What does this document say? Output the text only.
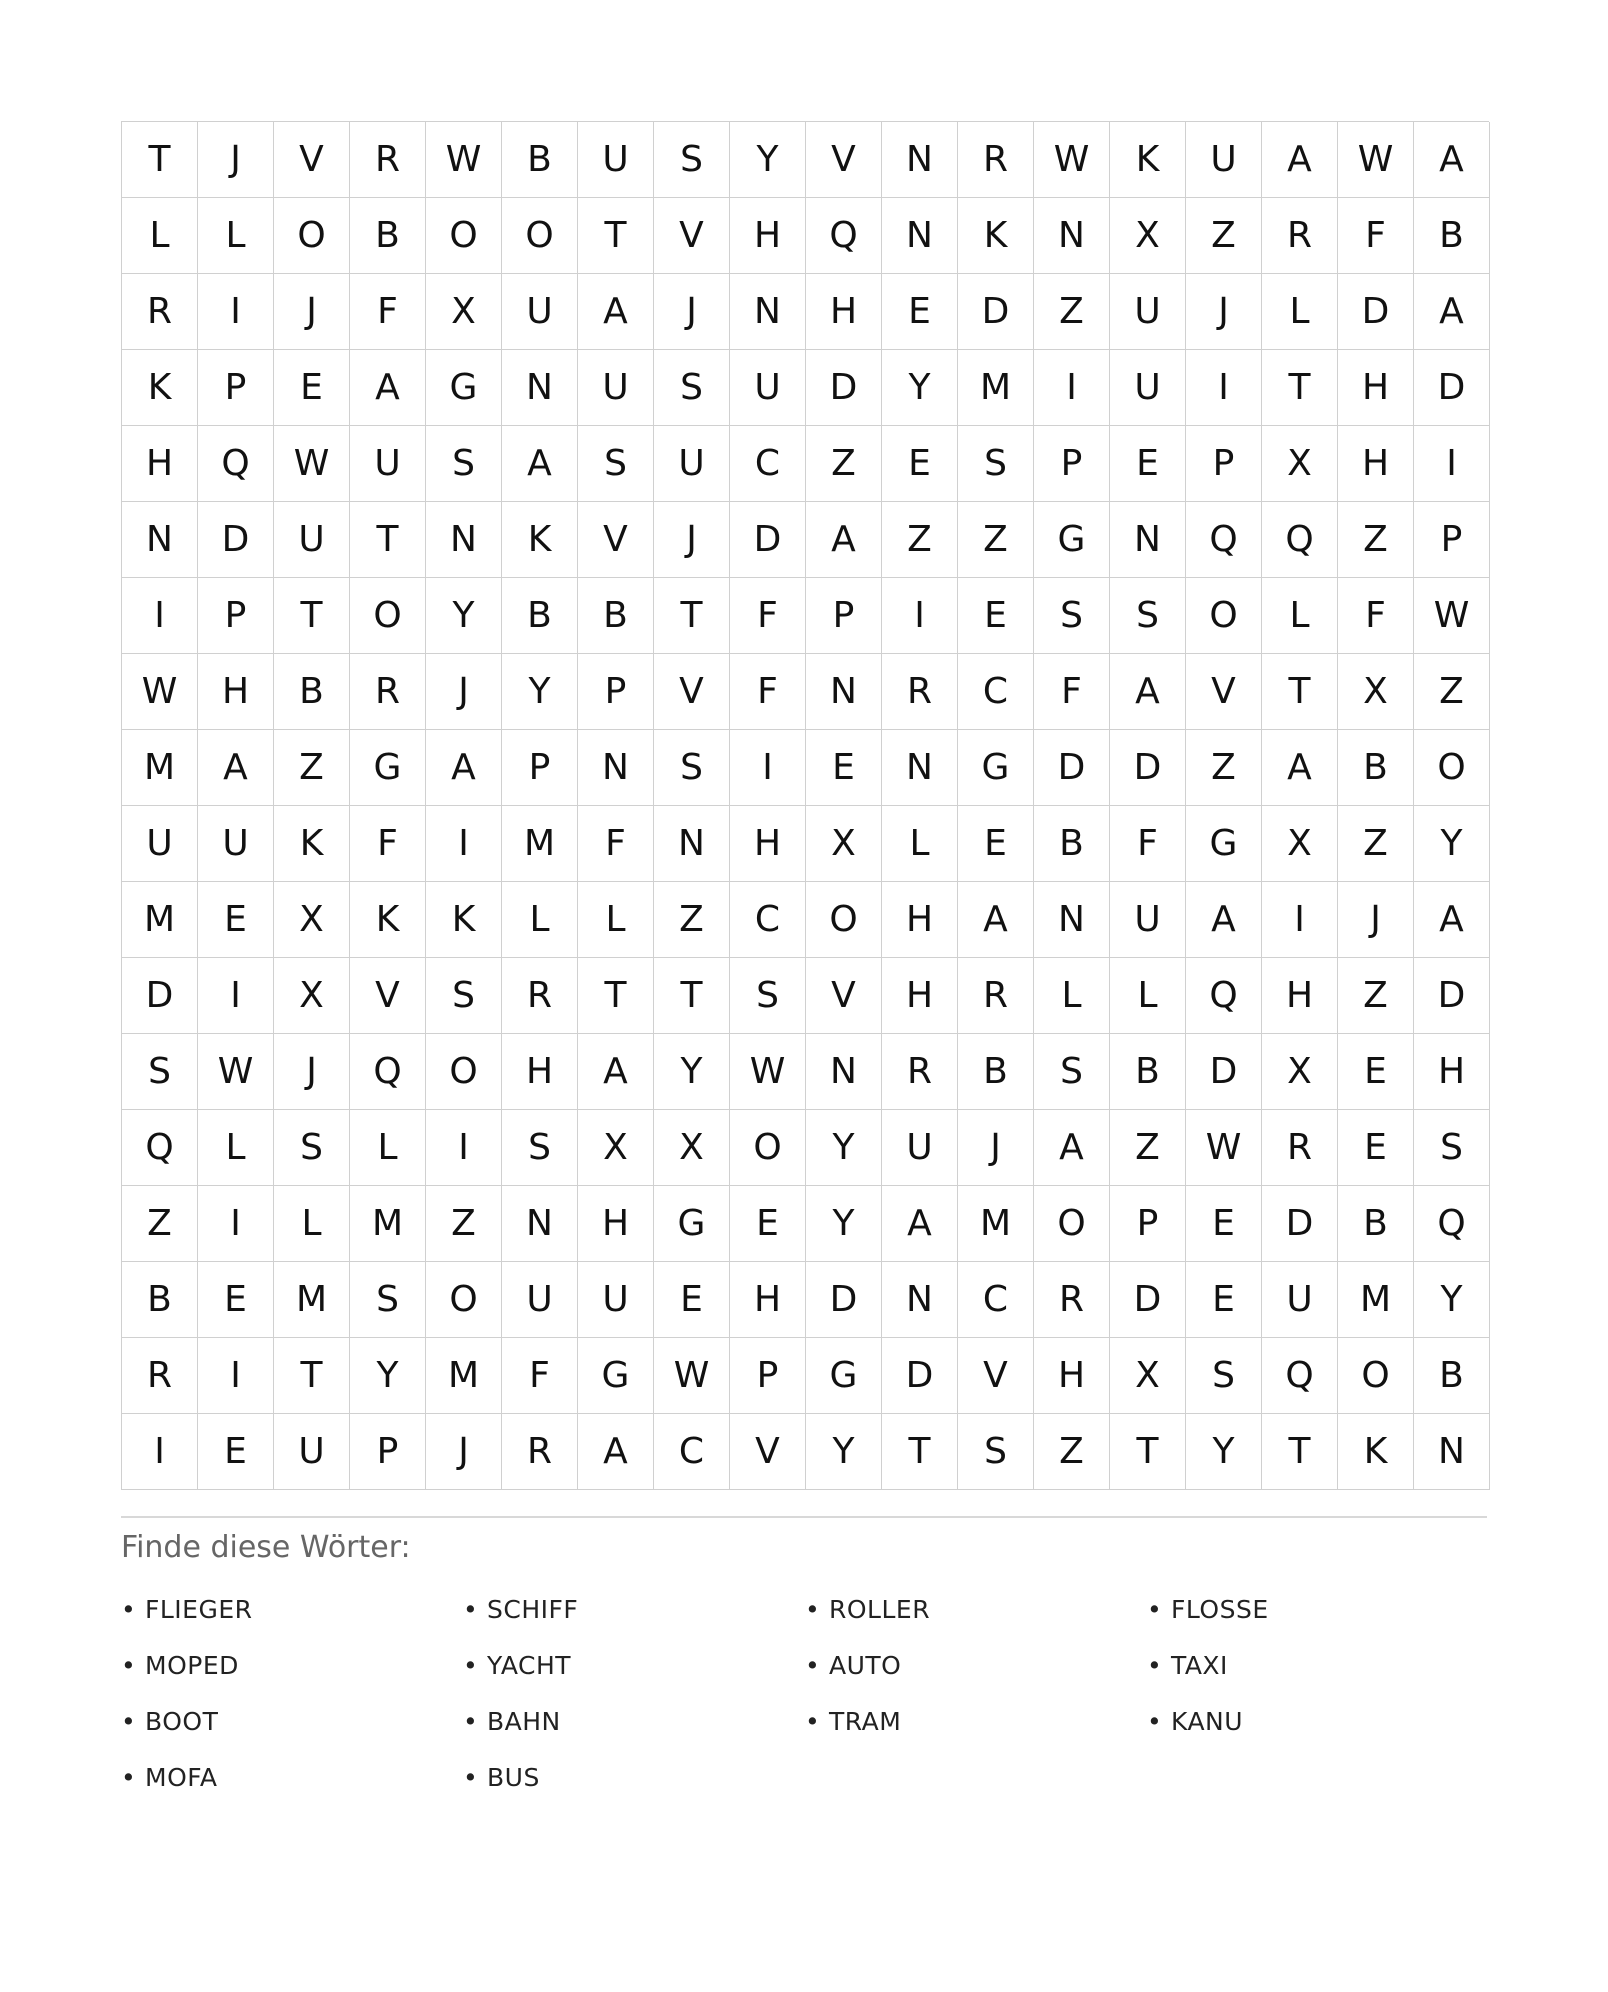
T	J	V	R	W	B	U	S	Y	V	N	R	W	K	U	A	W	A
L	L	O	B	O	O	T	V	H	Q	N	K	N	X	Z	R	F	B
R	I	J	F	X	U	A	J	N	H	E	D	Z	U	J	L	D	A
K	P	E	A	G	N	U	S	U	D	Y	M	I	U	I	T	H	D
H	Q	W	U	S	A	S	U	C	Z	E	S	P	E	P	X	H	I
N	D	U	T	N	K	V	J	D	A	Z	Z	G	N	Q	Q	Z	P
I	P	T	O	Y	B	B	T	F	P	I	E	S	S	O	L	F	W
W	H	B	R	J	Y	P	V	F	N	R	C	F	A	V	T	X	Z
M	A	Z	G	A	P	N	S	I	E	N	G	D	D	Z	A	B	O
U	U	K	F	I	M	F	N	H	X	L	E	B	F	G	X	Z	Y
M	E	X	K	K	L	L	Z	C	O	H	A	N	U	A	I	J	A
D	I	X	V	S	R	T	T	S	V	H	R	L	L	Q	H	Z	D
S	W	J	Q	O	H	A	Y	W	N	R	B	S	B	D	X	E	H
Q	L	S	L	I	S	X	X	O	Y	U	J	A	Z	W	R	E	S
Z	I	L	M	Z	N	H	G	E	Y	A	M	O	P	E	D	B	Q
B	E	M	S	O	U	U	E	H	D	N	C	R	D	E	U	M	Y
R	I	T	Y	M	F	G	W	P	G	D	V	H	X	S	Q	O	B
I	E	U	P	J	R	A	C	V	Y	T	S	Z	T	Y	T	K	N
Finde diese Wörter:
• FLIEGER	• SCHIFF	• ROLLER	• FLOSSE
• MOPED	• YACHT	• AUTO	• TAXI
• BOOT	• BAHN	• TRAM	• KANU
• MOFA	• BUS
